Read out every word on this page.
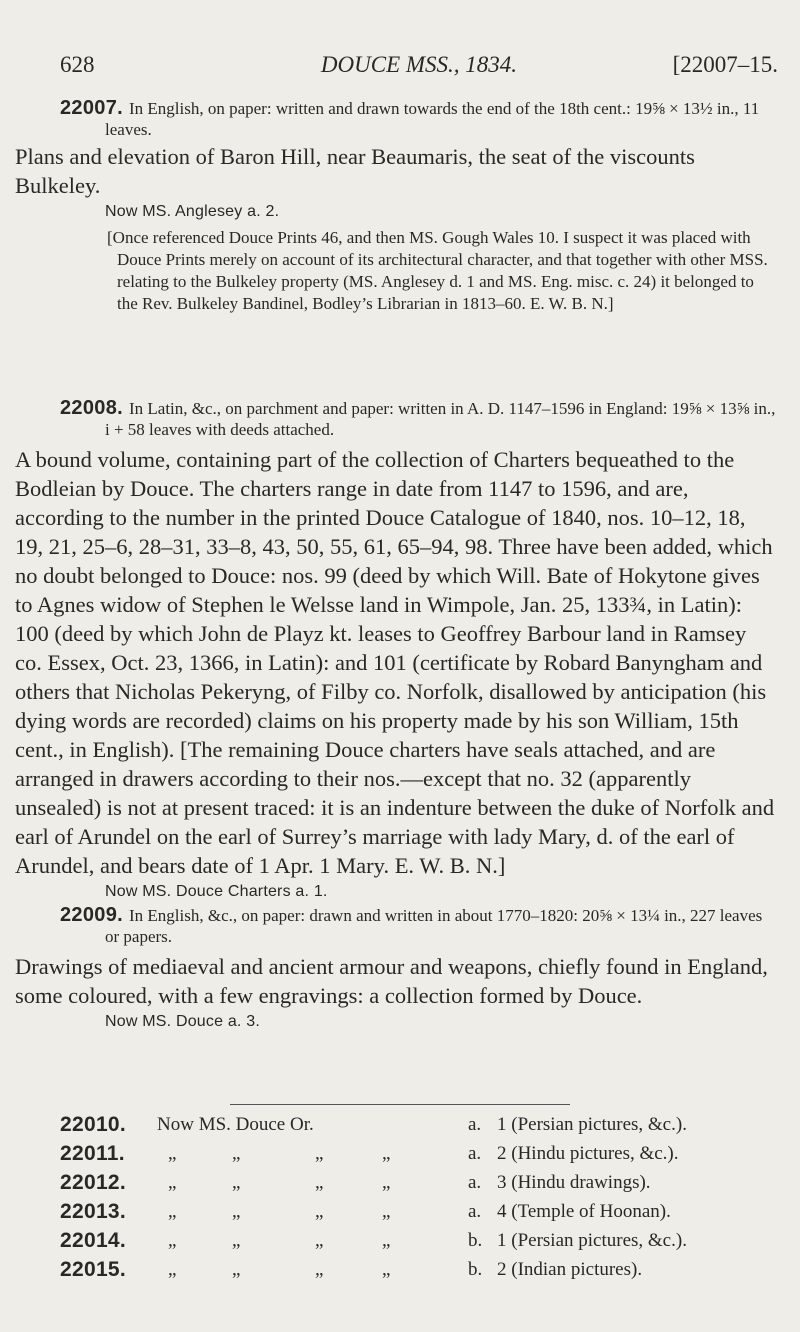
628	DOUCE MSS., 1834.	[22007–15.

22007. In English, on paper: written and drawn towards the end of the 18th cent.: 19⅝ × 13½ in., 11 leaves.

Plans and elevation of Baron Hill, near Beaumaris, the seat of the viscounts Bulkeley.

Now MS. Anglesey a. 2.

[Once referenced Douce Prints 46, and then MS. Gough Wales 10. I suspect it was placed with Douce Prints merely on account of its architectural character, and that together with other MSS. relating to the Bulkeley property (MS. Anglesey d. 1 and MS. Eng. misc. c. 24) it belonged to the Rev. Bulkeley Bandinel, Bodley’s Librarian in 1813–60. E. W. B. N.]

22008. In Latin, &c., on parchment and paper: written in A. D. 1147–1596 in England: 19⅝ × 13⅝ in., i + 58 leaves with deeds attached.

A bound volume, containing part of the collection of Charters bequeathed to the Bodleian by Douce. The charters range in date from 1147 to 1596, and are, according to the number in the printed Douce Catalogue of 1840, nos. 10–12, 18, 19, 21, 25–6, 28–31, 33–8, 43, 50, 55, 61, 65–94, 98. Three have been added, which no doubt belonged to Douce: nos. 99 (deed by which Will. Bate of Hokytone gives to Agnes widow of Stephen le Welsse land in Wimpole, Jan. 25, 133¾, in Latin): 100 (deed by which John de Playz kt. leases to Geoffrey Barbour land in Ramsey co. Essex, Oct. 23, 1366, in Latin): and 101 (certificate by Robard Banyngham and others that Nicholas Pekeryng, of Filby co. Norfolk, disallowed by anticipation (his dying words are recorded) claims on his property made by his son William, 15th cent., in English). [The remaining Douce charters have seals attached, and are arranged in drawers according to their nos.—except that no. 32 (apparently unsealed) is not at present traced: it is an indenture between the duke of Norfolk and earl of Arundel on the earl of Surrey’s marriage with lady Mary, d. of the earl of Arundel, and bears date of 1 Apr. 1 Mary. E. W. B. N.]

Now MS. Douce Charters a. 1.

22009. In English, &c., on paper: drawn and written in about 1770–1820: 20⅝ × 13¼ in., 227 leaves or papers.

Drawings of mediaeval and ancient armour and weapons, chiefly found in England, some coloured, with a few engravings: a collection formed by Douce.

Now MS. Douce a. 3.
22010. Now MS. Douce Or.	a. 1 (Persian pictures, &c.).
22011. „	„	„	„	a. 2 (Hindu pictures, &c.).
22012. „	„	„	„	a. 3 (Hindu drawings).
22013. „	„	„	„	a. 4 (Temple of Hoonan).
22014. „	„	„	„	b. 1 (Persian pictures, &c.).
22015. „	„	„	„	b. 2 (Indian pictures).
